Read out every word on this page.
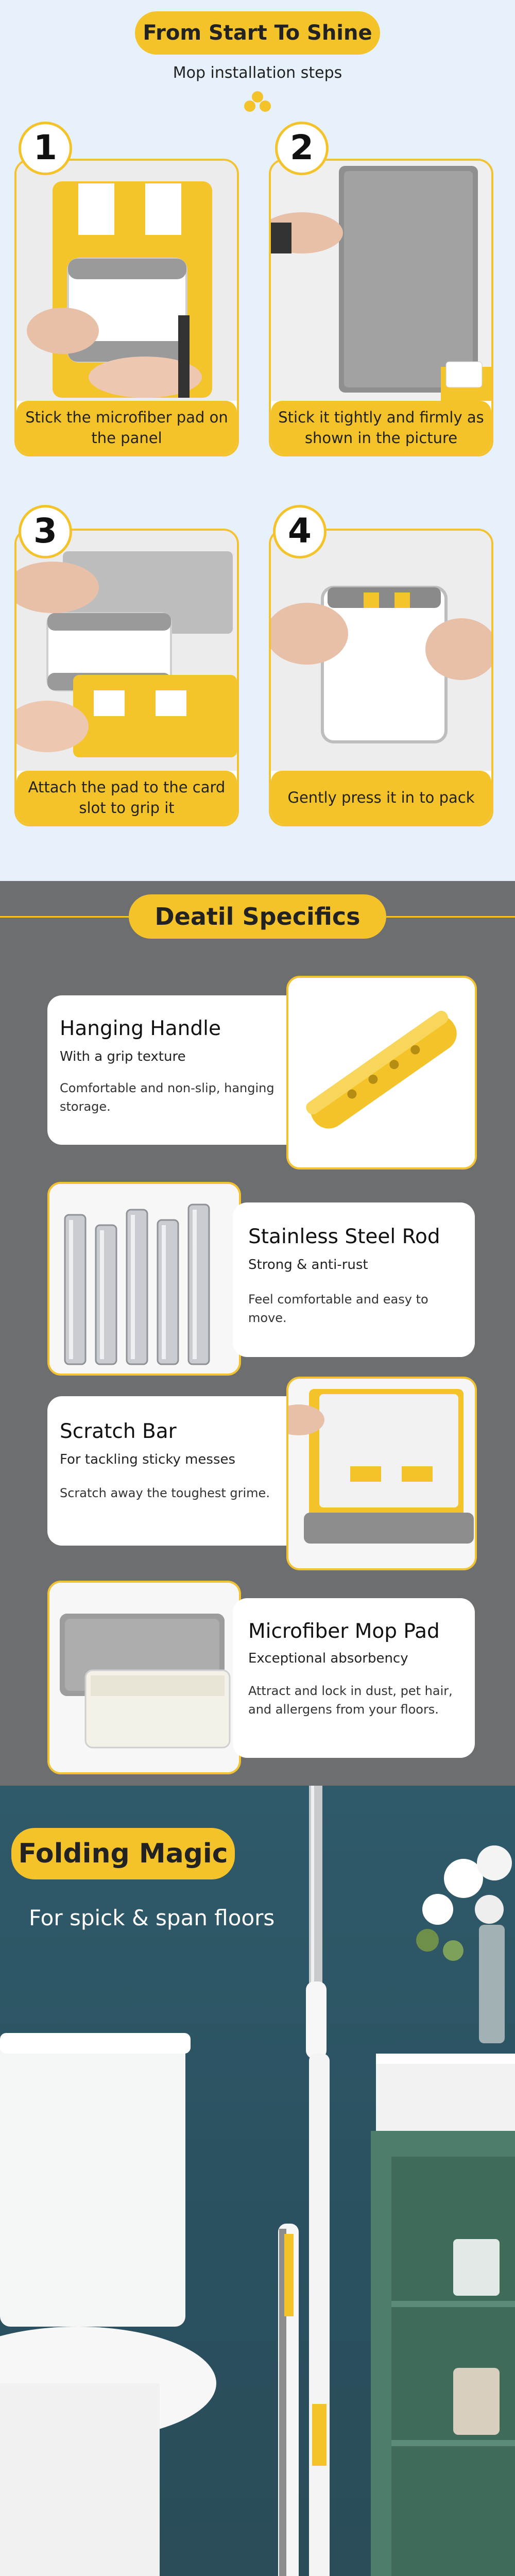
From Start To Shine
Mop installation steps
Stick the microfiber pad on the panel
1
Stick it tightly and firmly as shown in the picture
2
Attach the pad to the card slot to grip it
3
Gently press it in to pack
4
Deatil Specifics
Hanging Handle
With a grip texture
Comfortable and non-slip, hanging storage.
Stainless Steel Rod
Strong & anti-rust
Feel comfortable and easy to move.
Scratch Bar
For tackling sticky messes
Scratch away the toughest grime.
Microfiber Mop Pad
Exceptional absorbency
Attract and lock in dust, pet hair, and allergens from your floors.
Folding Magic
For spick & span floors
